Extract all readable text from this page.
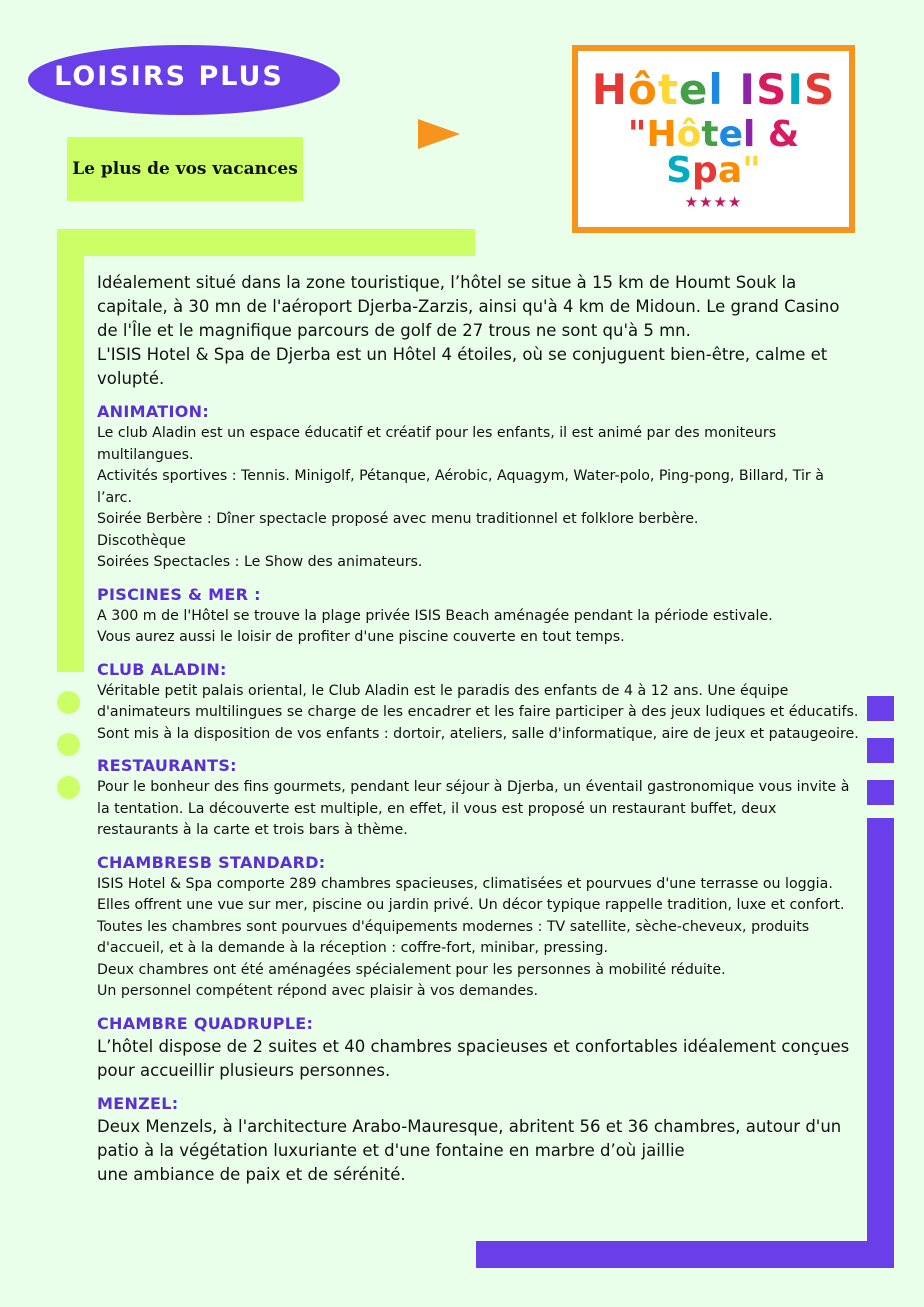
LOISIRS PLUS
Le plus de vos vacances
Hôtel ISIS
"Hôtel & Spa"
★★★★

Idéalement situé dans la zone touristique, l’hôtel se situe à 15 km de Houmt Souk la capitale, à 30 mn de l'aéroport Djerba-Zarzis, ainsi qu'à 4 km de Midoun. Le grand Casino de l'Île et le magnifique parcours de golf de 27 trous ne sont qu'à 5 mn.

L'ISIS Hotel & Spa de Djerba est un Hôtel 4 étoiles, où se conjuguent bien-être, calme et volupté.

ANIMATION:

Le club Aladin est un espace éducatif et créatif pour les enfants, il est animé par des moniteurs multilangues.

Activités sportives : Tennis. Minigolf, Pétanque, Aérobic, Aquagym, Water-polo, Ping-pong, Billard, Tir à l’arc.

Soirée Berbère : Dîner spectacle proposé avec menu traditionnel et folklore berbère.

Discothèque

Soirées Spectacles : Le Show des animateurs.

PISCINES & MER :

A 300 m de l'Hôtel se trouve la plage privée ISIS Beach aménagée pendant la période estivale.

Vous aurez aussi le loisir de profiter d'une piscine couverte en tout temps.

CLUB ALADIN:

Véritable petit palais oriental, le Club Aladin est le paradis des enfants de 4 à 12 ans. Une équipe d'animateurs multilingues se charge de les encadrer et les faire participer à des jeux ludiques et éducatifs.

Sont mis à la disposition de vos enfants : dortoir, ateliers, salle d'informatique, aire de jeux et pataugeoire.

RESTAURANTS:

Pour le bonheur des fins gourmets, pendant leur séjour à Djerba, un éventail gastronomique vous invite à la tentation. La découverte est multiple, en effet, il vous est proposé un restaurant buffet, deux restaurants à la carte et trois bars à thème.

CHAMBRESB STANDARD:

ISIS Hotel & Spa comporte 289 chambres spacieuses, climatisées et pourvues d'une terrasse ou loggia. Elles offrent une vue sur mer, piscine ou jardin privé. Un décor typique rappelle tradition, luxe et confort.

Toutes les chambres sont pourvues d'équipements modernes : TV satellite, sèche-cheveux, produits d'accueil, et à la demande à la réception : coffre-fort, minibar, pressing.

Deux chambres ont été aménagées spécialement pour les personnes à mobilité réduite.

Un personnel compétent répond avec plaisir à vos demandes.

CHAMBRE QUADRUPLE:

L’hôtel dispose de 2 suites et 40 chambres spacieuses et confortables idéalement conçues pour accueillir plusieurs personnes.

MENZEL:

Deux Menzels, à l'architecture Arabo-Mauresque, abritent 56 et 36 chambres, autour d'un patio à la végétation luxuriante et d'une fontaine en marbre d’où jaillie

une ambiance de paix et de sérénité.
